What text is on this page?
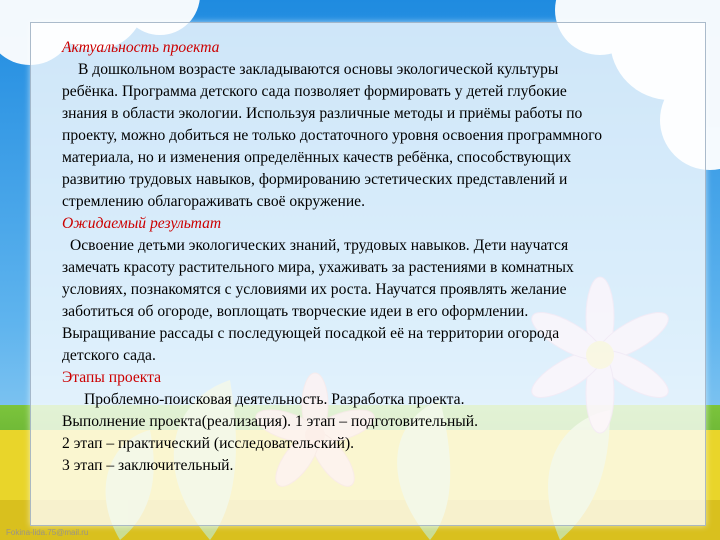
Актуальность проекта

В дошкольном возрасте закладываются основы экологической культуры ребёнка. Программа детского сада позволяет формировать у детей глубокие знания в области экологии. Используя различные методы и приёмы работы по проекту, можно добиться не только достаточного уровня освоения программного материала, но и изменения определённых качеств ребёнка, способствующих развитию трудовых навыков, формированию эстетических представлений и стремлению облагораживать своё окружение.

Ожидаемый результат

Освоение детьми экологических знаний, трудовых навыков. Дети научатся замечать красоту растительного мира, ухаживать за растениями в комнатных условиях, познакомятся с условиями их роста. Научатся проявлять желание заботиться об огороде, воплощать творческие идеи в его оформлении. Выращивание рассады с последующей посадкой её на территории огорода детского сада.

Этапы проекта

Проблемно-поисковая деятельность. Разработка проекта.

Выполнение проекта(реализация). 1 этап – подготовительный.

2 этап – практический (исследовательский).

3 этап – заключительный.

Fokina-lida.75@mail.ru
